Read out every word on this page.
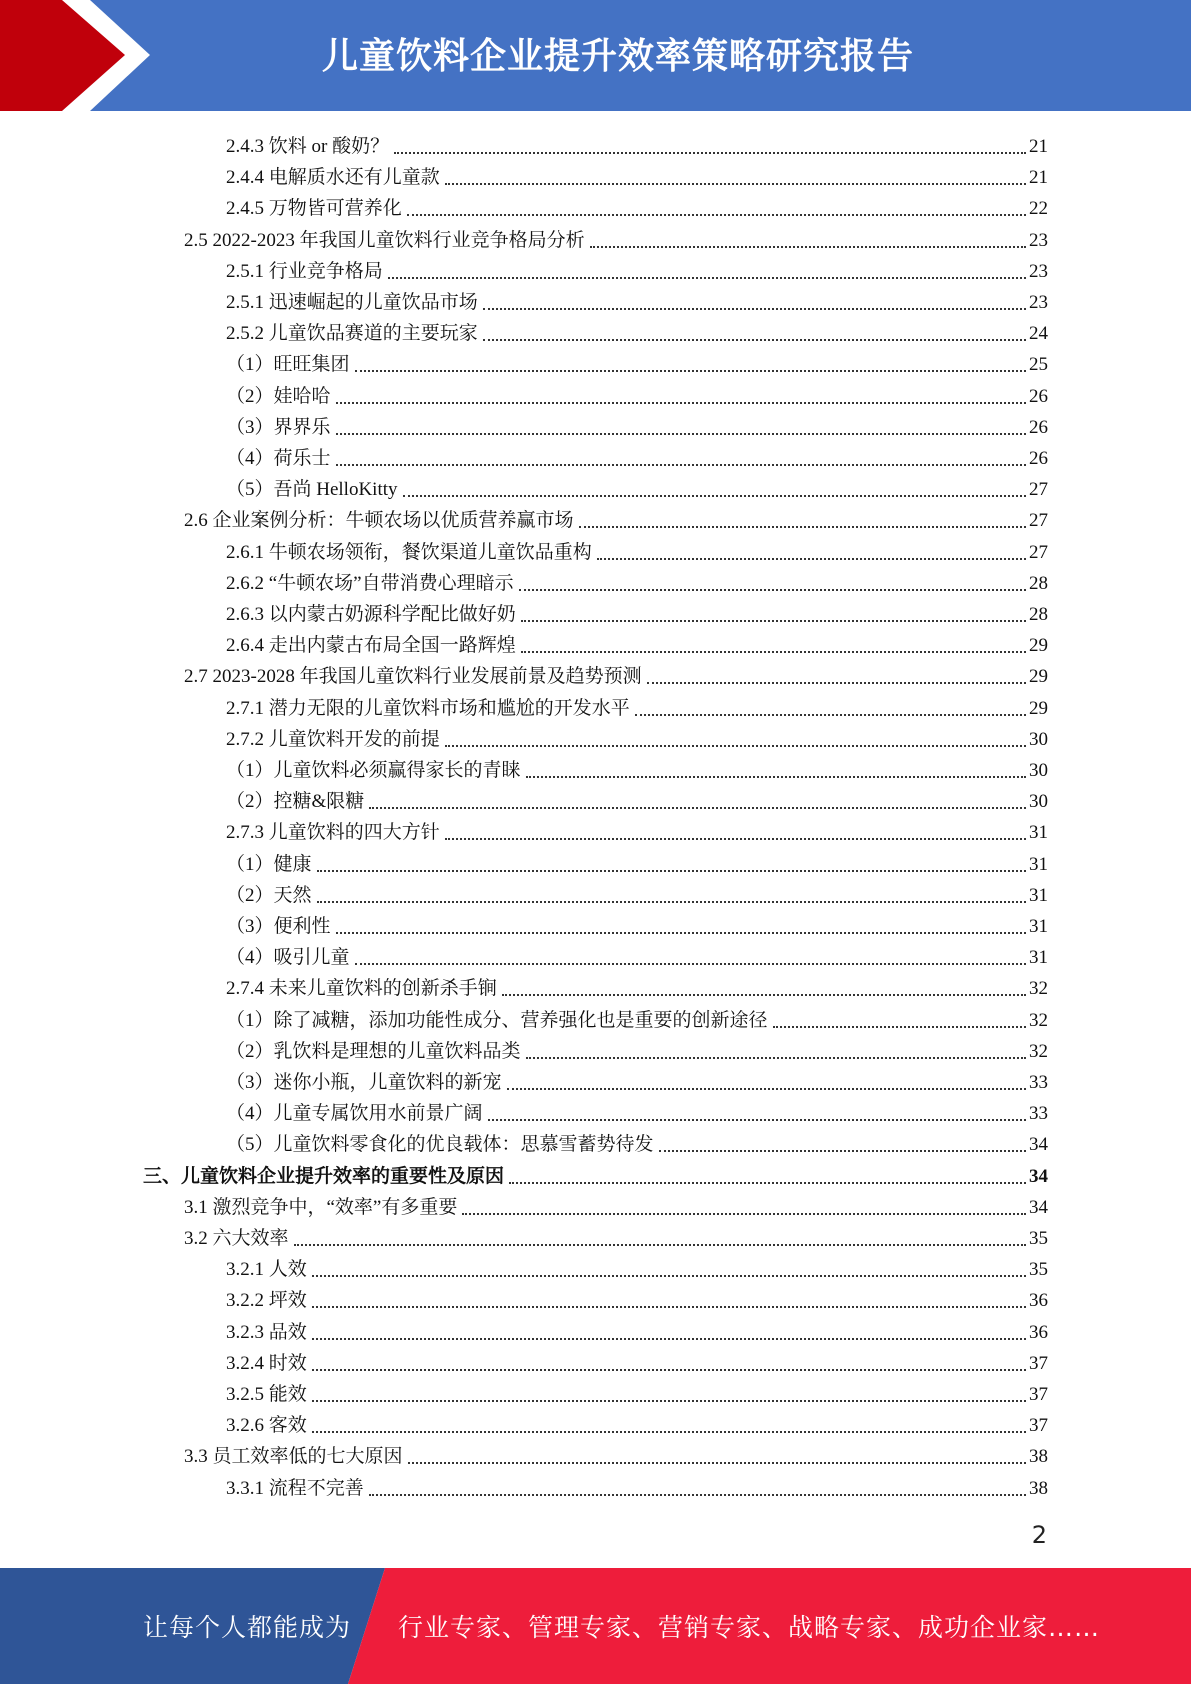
儿童饮料企业提升效率策略研究报告
2.4.3 饮料 or 酸奶？	21
2.4.4 电解质水还有儿童款	21
2.4.5 万物皆可营养化	22
2.5 2022-2023 年我国儿童饮料行业竞争格局分析	23
2.5.1 行业竞争格局	23
2.5.1 迅速崛起的儿童饮品市场	23
2.5.2 儿童饮品赛道的主要玩家	24
（1）旺旺集团	25
（2）娃哈哈	26
（3）界界乐	26
（4）荷乐士	26
（5）吾尚 HelloKitty	27
2.6 企业案例分析：牛顿农场以优质营养赢市场	27
2.6.1 牛顿农场领衔，餐饮渠道儿童饮品重构	27
2.6.2 “牛顿农场”自带消费心理暗示	28
2.6.3 以内蒙古奶源科学配比做好奶	28
2.6.4 走出内蒙古布局全国一路辉煌	29
2.7 2023-2028 年我国儿童饮料行业发展前景及趋势预测	29
2.7.1 潜力无限的儿童饮料市场和尴尬的开发水平	29
2.7.2 儿童饮料开发的前提	30
（1）儿童饮料必须赢得家长的青睐	30
（2）控糖&限糖	30
2.7.3 儿童饮料的四大方针	31
（1）健康	31
（2）天然	31
（3）便利性	31
（4）吸引儿童	31
2.7.4 未来儿童饮料的创新杀手锏	32
（1）除了减糖，添加功能性成分、营养强化也是重要的创新途径	32
（2）乳饮料是理想的儿童饮料品类	32
（3）迷你小瓶，儿童饮料的新宠	33
（4）儿童专属饮用水前景广阔	33
（5）儿童饮料零食化的优良载体：思慕雪蓄势待发	34
三、儿童饮料企业提升效率的重要性及原因	34
3.1 激烈竞争中，“效率”有多重要	34
3.2 六大效率	35
3.2.1 人效	35
3.2.2 坪效	36
3.2.3 品效	36
3.2.4 时效	37
3.2.5 能效	37
3.2.6 客效	37
3.3 员工效率低的七大原因	38
3.3.1 流程不完善	38
2
让每个人都能成为 行业专家、管理专家、营销专家、战略专家、成功企业家……
